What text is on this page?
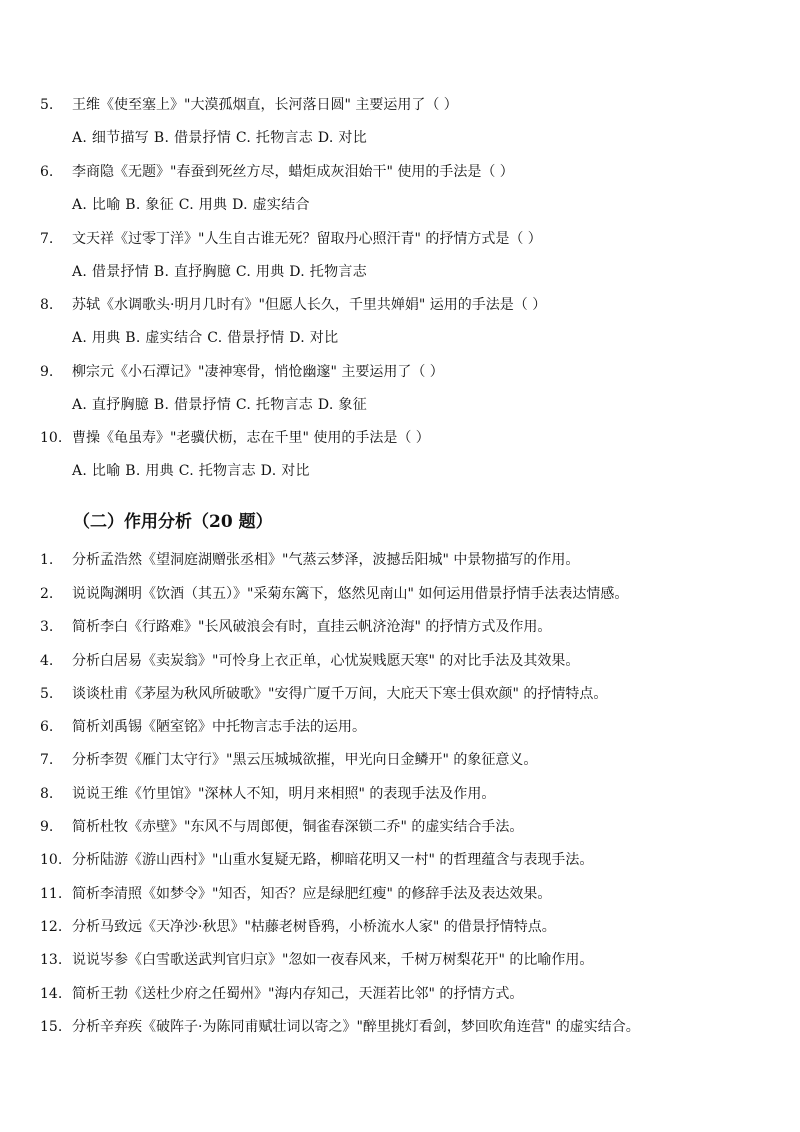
5. 王维《使至塞上》"大漠孤烟直，长河落日圆" 主要运用了（ ）
A. 细节描写 B. 借景抒情 C. 托物言志 D. 对比
6. 李商隐《无题》"春蚕到死丝方尽，蜡炬成灰泪始干" 使用的手法是（ ）
A. 比喻 B. 象征 C. 用典 D. 虚实结合
7. 文天祥《过零丁洋》"人生自古谁无死？留取丹心照汗青" 的抒情方式是（ ）
A. 借景抒情 B. 直抒胸臆 C. 用典 D. 托物言志
8. 苏轼《水调歌头·明月几时有》"但愿人长久，千里共婵娟" 运用的手法是（ ）
A. 用典 B. 虚实结合 C. 借景抒情 D. 对比
9. 柳宗元《小石潭记》"凄神寒骨，悄怆幽邃" 主要运用了（ ）
A. 直抒胸臆 B. 借景抒情 C. 托物言志 D. 象征
10. 曹操《龟虽寿》"老骥伏枥，志在千里" 使用的手法是（ ）
A. 比喻 B. 用典 C. 托物言志 D. 对比
（二）作用分析（20 题）
1. 分析孟浩然《望洞庭湖赠张丞相》"气蒸云梦泽，波撼岳阳城" 中景物描写的作用。
2. 说说陶渊明《饮酒（其五）》"采菊东篱下，悠然见南山" 如何运用借景抒情手法表达情感。
3. 简析李白《行路难》"长风破浪会有时，直挂云帆济沧海" 的抒情方式及作用。
4. 分析白居易《卖炭翁》"可怜身上衣正单，心忧炭贱愿天寒" 的对比手法及其效果。
5. 谈谈杜甫《茅屋为秋风所破歌》"安得广厦千万间，大庇天下寒士俱欢颜" 的抒情特点。
6. 简析刘禹锡《陋室铭》中托物言志手法的运用。
7. 分析李贺《雁门太守行》"黑云压城城欲摧，甲光向日金鳞开" 的象征意义。
8. 说说王维《竹里馆》"深林人不知，明月来相照" 的表现手法及作用。
9. 简析杜牧《赤壁》"东风不与周郎便，铜雀春深锁二乔" 的虚实结合手法。
10. 分析陆游《游山西村》"山重水复疑无路，柳暗花明又一村" 的哲理蕴含与表现手法。
11. 简析李清照《如梦令》"知否，知否？应是绿肥红瘦" 的修辞手法及表达效果。
12. 分析马致远《天净沙·秋思》"枯藤老树昏鸦，小桥流水人家" 的借景抒情特点。
13. 说说岑参《白雪歌送武判官归京》"忽如一夜春风来，千树万树梨花开" 的比喻作用。
14. 简析王勃《送杜少府之任蜀州》"海内存知己，天涯若比邻" 的抒情方式。
15. 分析辛弃疾《破阵子·为陈同甫赋壮词以寄之》"醉里挑灯看剑，梦回吹角连营" 的虚实结合。
